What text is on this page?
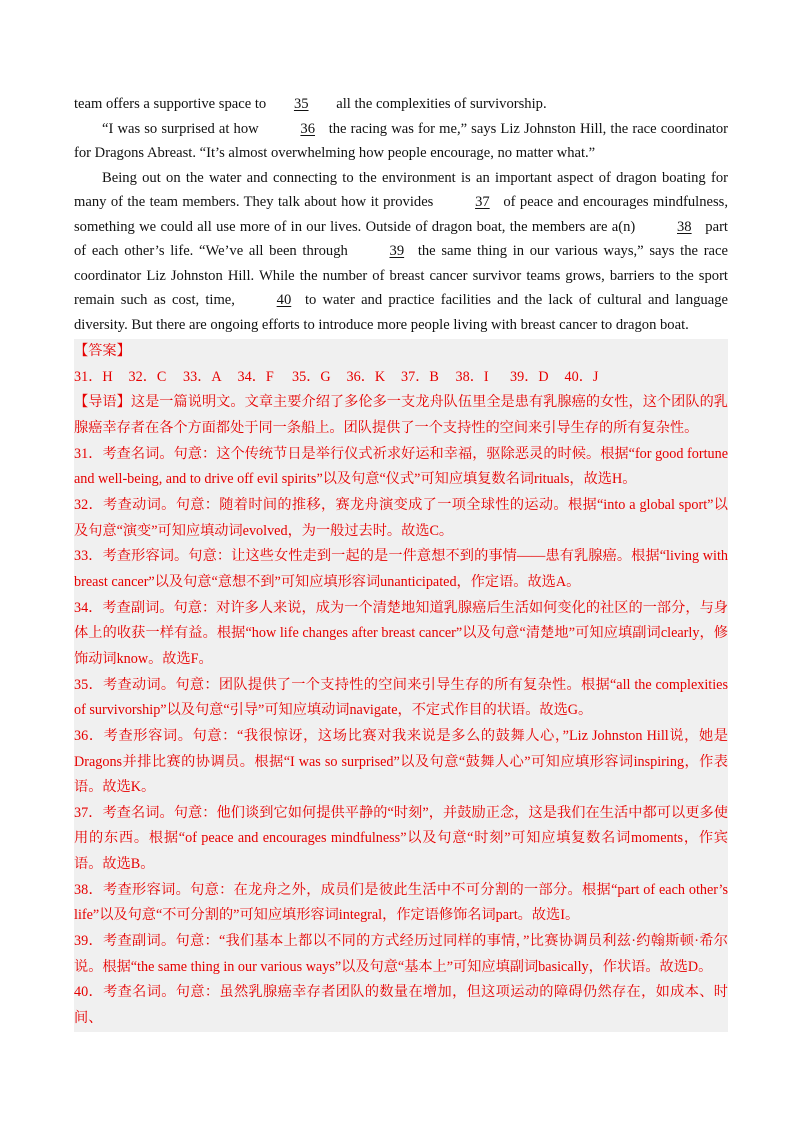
team offers a supportive space to 35 all the complexities of survivorship.

“I was so surprised at how	36 the racing was for me,” says Liz Johnston Hill, the race coordinator for Dragons Abreast. “It’s almost overwhelming how people encourage, no matter what.”

Being out on the water and connecting to the environment is an important aspect of dragon boating for many of the team members. They talk about how it provides	37 of peace and encourages mindfulness, something we could all use more of in our lives. Outside of dragon boat, the members are a(n)	38 part of each other’s life. “We’ve all been through	39 the same thing in our various ways,” says the race coordinator Liz Johnston Hill. While the number of breast cancer survivor teams grows, barriers to the sport remain such as cost, time,	40 to water and practice facilities and the lack of cultural and language diversity. But there are ongoing efforts to introduce more people living with breast cancer to dragon boat.

【答案】

31．H	32．C	33．A	34．F	35．G	36．K	37．B	38．I	39．D	40．J

【导语】这是一篇说明文。文章主要介绍了多伦多一支龙舟队伍里全是患有乳腺癌的女性，这个团队的乳腺癌幸存者在各个方面都处于同一条船上。团队提供了一个支持性的空间来引导生存的所有复杂性。

31．考查名词。句意：这个传统节日是举行仪式祈求好运和幸福，驱除恶灵的时候。根据“for good fortune and well-being, and to drive off evil spirits”以及句意“仪式”可知应填复数名词rituals，故选H。

32．考查动词。句意：随着时间的推移，赛龙舟演变成了一项全球性的运动。根据“into a global sport”以及句意“演变”可知应填动词evolved，为一般过去时。故选C。

33．考查形容词。句意：让这些女性走到一起的是一件意想不到的事情——患有乳腺癌。根据“living with breast cancer”以及句意“意想不到”可知应填形容词unanticipated，作定语。故选A。

34．考查副词。句意：对许多人来说，成为一个清楚地知道乳腺癌后生活如何变化的社区的一部分，与身体上的收获一样有益。根据“how life changes after breast cancer”以及句意“清楚地”可知应填副词clearly，修饰动词know。故选F。

35．考查动词。句意：团队提供了一个支持性的空间来引导生存的所有复杂性。根据“all the complexities of survivorship”以及句意“引导”可知应填动词navigate，不定式作目的状语。故选G。

36．考查形容词。句意：“我很惊讶，这场比赛对我来说是多么的鼓舞人心，”Liz Johnston Hill说，她是Dragons并排比赛的协调员。根据“I was so surprised”以及句意“鼓舞人心”可知应填形容词inspiring，作表语。故选K。

37．考查名词。句意：他们谈到它如何提供平静的“时刻”，并鼓励正念，这是我们在生活中都可以更多使用的东西。根据“of peace and encourages mindfulness”以及句意“时刻”可知应填复数名词moments，作宾语。故选B。

38．考查形容词。句意：在龙舟之外，成员们是彼此生活中不可分割的一部分。根据“part of each other’s life”以及句意“不可分割的”可知应填形容词integral，作定语修饰名词part。故选I。

39．考查副词。句意：“我们基本上都以不同的方式经历过同样的事情，”比赛协调员利兹·约翰斯顿·希尔说。根据“the same thing in our various ways”以及句意“基本上”可知应填副词basically，作状语。故选D。

40．考查名词。句意：虽然乳腺癌幸存者团队的数量在增加，但这项运动的障碍仍然存在，如成本、时间、
